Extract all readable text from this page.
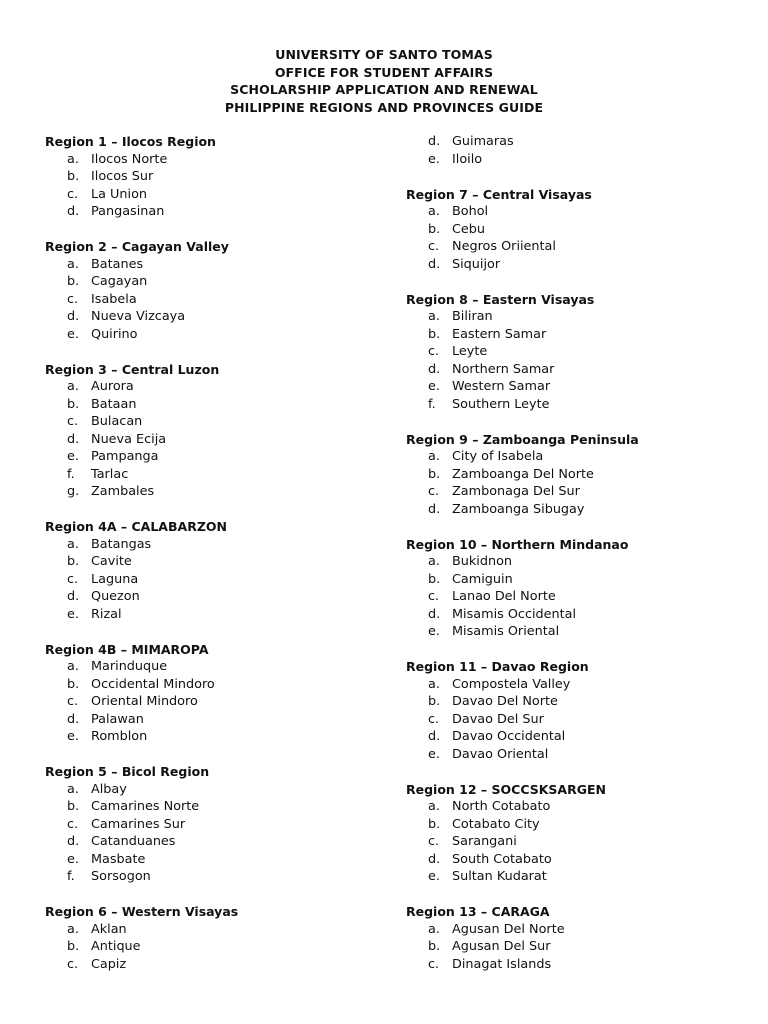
UNIVERSITY OF SANTO TOMAS
OFFICE FOR STUDENT AFFAIRS
SCHOLARSHIP APPLICATION AND RENEWAL
PHILIPPINE REGIONS AND PROVINCES GUIDE
Region 1 – Ilocos Region
a. Ilocos Norte
b. Ilocos Sur
c.	La Union
d. Pangasinan
Region 2 – Cagayan Valley
a. Batanes
b. Cagayan
c.	Isabela
d. Nueva Vizcaya
e. Quirino
Region 3 – Central Luzon
a. Aurora
b. Bataan
c.	Bulacan
d. Nueva Ecija
e. Pampanga
f.	Tarlac
g. Zambales
Region 4A – CALABARZON
a. Batangas
b. Cavite
c.	Laguna
d. Quezon
e. Rizal
Region 4B – MIMAROPA
a. Marinduque
b. Occidental Mindoro
c.	Oriental Mindoro
d. Palawan
e. Romblon
Region 5 – Bicol Region
a. Albay
b. Camarines Norte
c.	Camarines Sur
d. Catanduanes
e. Masbate
f.	Sorsogon
Region 6 – Western Visayas
a. Aklan
b. Antique
c.	Capiz
d. Guimaras
e. Iloilo
Region 7 – Central Visayas
a. Bohol
b. Cebu
c.	Negros Oriiental
d. Siquijor
Region 8 – Eastern Visayas
a. Biliran
b. Eastern Samar
c.	Leyte
d. Northern Samar
e. Western Samar
f.	Southern Leyte
Region 9 – Zamboanga Peninsula
a. City of Isabela
b. Zamboanga Del Norte
c.	Zambonaga Del Sur
d. Zamboanga Sibugay
Region 10 – Northern Mindanao
a. Bukidnon
b. Camiguin
c.	Lanao Del Norte
d. Misamis Occidental
e. Misamis Oriental
Region 11 – Davao Region
a. Compostela Valley
b. Davao Del Norte
c.	Davao Del Sur
d. Davao Occidental
e. Davao Oriental
Region 12 – SOCCSKSARGEN
a. North Cotabato
b. Cotabato City
c.	Sarangani
d. South Cotabato
e. Sultan Kudarat
Region 13 – CARAGA
a. Agusan Del Norte
b. Agusan Del Sur
c.	Dinagat Islands
